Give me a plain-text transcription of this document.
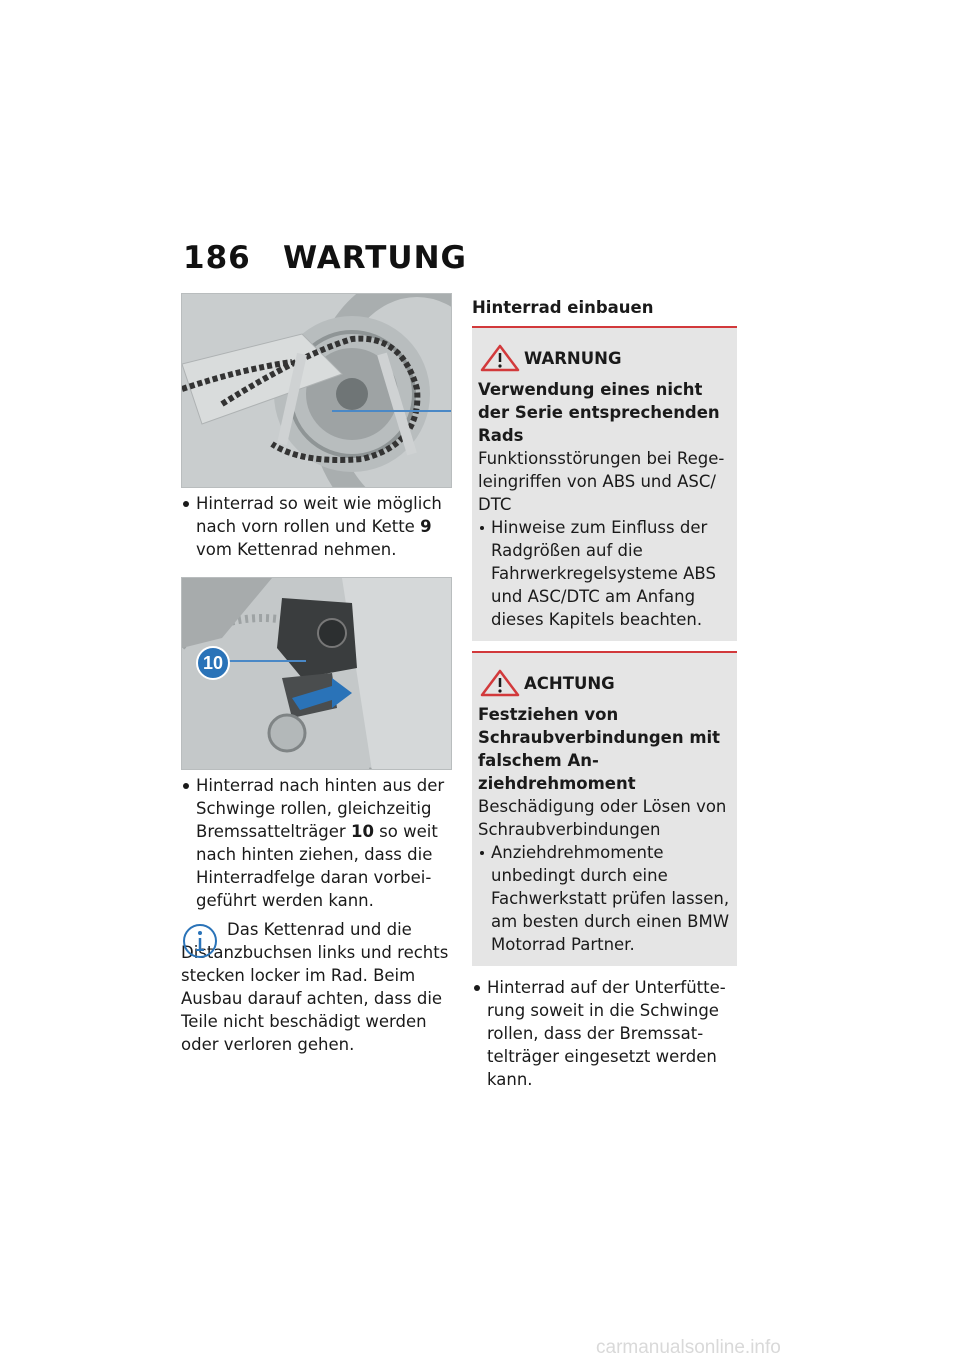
186 WARTUNG
Hinterrad so weit wie möglich nach vorn rollen und Kette 9 vom Kettenrad nehmen.
10
Hinterrad nach hinten aus der Schwinge rollen, gleichzeitig Bremssattelträger 10 so weit nach hinten ziehen, dass die Hinterradfelge daran vorbeigeführt werden kann.
Das Kettenrad und die Distanzbuchsen links und rechts stecken locker im Rad. Beim Ausbau darauf achten, dass die Teile nicht beschädigt werden oder verloren gehen.
Hinterrad einbauen
WARNUNG
Verwendung eines nicht der Serie entsprechenden Rads
Funktionsstörungen bei Regeleingriffen von ABS und ASC/ DTC
Hinweise zum Einfluss der Radgrößen auf die Fahrwerkregelsysteme ABS und ASC/DTC am Anfang dieses Kapitels beachten.
ACHTUNG
Festziehen von Schraubverbindungen mit falschem Anziehdrehmoment
Beschädigung oder Lösen von Schraubverbindungen
Anziehdrehmomente unbedingt durch eine Fachwerkstatt prüfen lassen, am besten durch einen BMW Motorrad Partner.
Hinterrad auf der Unterfütterung soweit in die Schwinge rollen, dass der Bremssattelträger eingesetzt werden kann.
carmanualsonline.info
